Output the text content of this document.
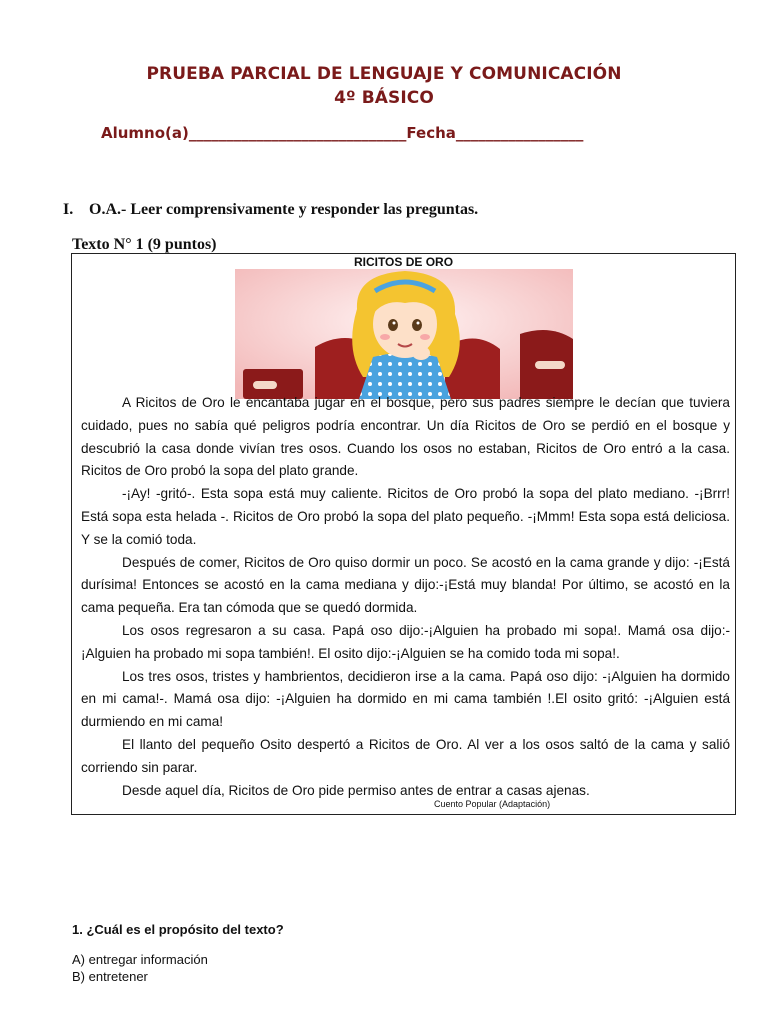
PRUEBA PARCIAL DE LENGUAJE Y COMUNICACIÓN
4º BÁSICO
Alumno(a)_____________________________Fecha_________________
I. O.A.- Leer comprensivamente y responder las preguntas.
Texto N° 1 (9 puntos)
RICITOS DE ORO

A Ricitos de Oro le encantaba jugar en el bosque, pero sus padres siempre le decían que tuviera cuidado, pues no sabía qué peligros podría encontrar. Un día Ricitos de Oro se perdió en el bosque y descubrió la casa donde vivían tres osos. Cuando los osos no estaban, Ricitos de Oro entró a la casa. Ricitos de Oro probó la sopa del plato grande.

-¡Ay! -gritó-. Esta sopa está muy caliente. Ricitos de Oro probó la sopa del plato mediano. -¡Brrr! Está sopa esta helada -. Ricitos de Oro probó la sopa del plato pequeño. -¡Mmm! Esta sopa está deliciosa. Y se la comió toda.

Después de comer, Ricitos de Oro quiso dormir un poco. Se acostó en la cama grande y dijo: -¡Está durísima! Entonces se acostó en la cama mediana y dijo:-¡Está muy blanda! Por último, se acostó en la cama pequeña. Era tan cómoda que se quedó dormida.

Los osos regresaron a su casa. Papá oso dijo:-¡Alguien ha probado mi sopa!. Mamá osa dijo:-¡Alguien ha probado mi sopa también!. El osito dijo:-¡Alguien se ha comido toda mi sopa!.

Los tres osos, tristes y hambrientos, decidieron irse a la cama. Papá oso dijo: -¡Alguien ha dormido en mi cama!-. Mamá osa dijo: -¡Alguien ha dormido en mi cama también !.El osito gritó: -¡Alguien está durmiendo en mi cama!

El llanto del pequeño Osito despertó a Ricitos de Oro. Al ver a los osos saltó de la cama y salió corriendo sin parar.

Desde aquel día, Ricitos de Oro pide permiso antes de entrar a casas ajenas.

Cuento Popular (Adaptación)
1. ¿Cuál es el propósito del texto?
A) entregar información
B) entretener
